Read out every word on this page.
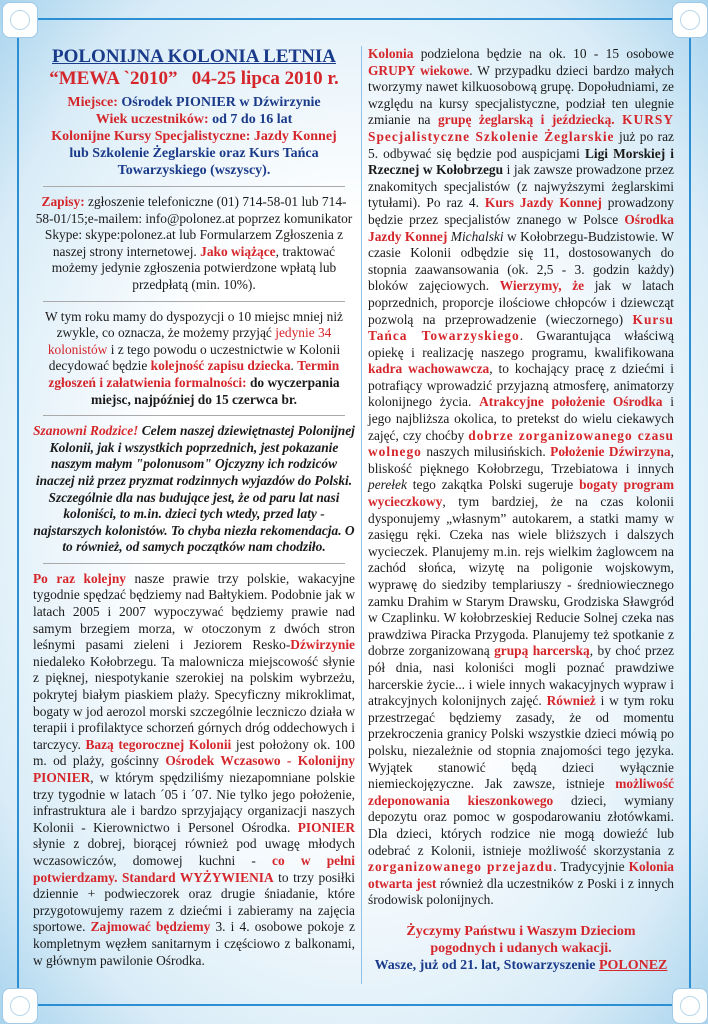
POLONIJNA KOLONIA LETNIA
“MEWA `2010” 04-25 lipca 2010 r.
Miejsce: Ośrodek PIONIER w Dźwirzynie
Wiek uczestników: od 7 do 16 lat
Kolonijne Kursy Specjalistyczne: Jazdy Konnej
lub Szkolenie Żeglarskie oraz Kurs Tańca
Towarzyskiego (wszyscy).

Zapisy: zgłoszenie telefoniczne (01) 714-58-01 lub 714-58-01/15;e-mailem: info@polonez.at poprzez komunikator Skype: skype:polonez.at lub Formularzem Zgłoszenia z naszej strony internetowej. Jako wiążące, traktować możemy jedynie zgłoszenia potwierdzone wpłatą lub przedpłatą (min. 10%).

W tym roku mamy do dyspozycji o 10 miejsc mniej niż zwykle, co oznacza, że możemy przyjąć jedynie 34 kolonistów i z tego powodu o uczestnictwie w Kolonii decydować będzie kolejność zapisu dziecka. Termin zgłoszeń i załatwienia formalności: do wyczerpania miejsc, najpóźniej do 15 czerwca br.

Szanowni Rodzice! Celem naszej dziewiętnastej Polonijnej Kolonii, jak i wszystkich poprzednich, jest pokazanie naszym małym "polonusom" Ojczyzny ich rodziców inaczej niż przez pryzmat rodzinnych wyjazdów do Polski. Szczególnie dla nas budujące jest, że od paru lat nasi koloniści, to m.in. dzieci tych wtedy, przed laty - najstarszych kolonistów. To chyba niezła rekomendacja. O to również, od samych początków nam chodziło.

Po raz kolejny nasze prawie trzy polskie, wakacyjne tygodnie spędzać będziemy nad Bałtykiem. Podobnie jak w latach 2005 i 2007 wypoczywać będziemy prawie nad samym brzegiem morza, w otoczonym z dwóch stron leśnymi pasami zieleni i Jeziorem Resko-Dźwirzynie niedaleko Kołobrzegu. Ta malownicza miejscowość słynie z pięknej, niespotykanie szerokiej na polskim wybrzeżu, pokrytej białym piaskiem plaży. Specyficzny mikroklimat, bogaty w jod aerozol morski szczególnie leczniczo działa w terapii i profilaktyce schorzeń górnych dróg oddechowych i tarczycy. Bazą tegorocznej Kolonii jest położony ok. 100 m. od plaży, gościnny Ośrodek Wczasowo - Kolonijny PIONIER, w którym spędziliśmy niezapomniane polskie trzy tygodnie w latach ´05 i ´07. Nie tylko jego położenie, infrastruktura ale i bardzo sprzyjający organizacji naszych Kolonii - Kierownictwo i Personel Ośrodka. PIONIER słynie z dobrej, biorącej również pod uwagę młodych wczasowiczów, domowej kuchni - co w pełni potwierdzamy. Standard WYŻYWIENIA to trzy posiłki dziennie + podwieczorek oraz drugie śniadanie, które przygotowujemy razem z dziećmi i zabieramy na zajęcia sportowe. Zajmować będziemy 3. i 4. osobowe pokoje z kompletnym węzłem sanitarnym i częściowo z balkonami, w głównym pawilonie Ośrodka.

Kolonia podzielona będzie na ok. 10 - 15 osobowe GRUPY wiekowe. W przypadku dzieci bardzo małych tworzymy nawet kilkuosobową grupę. Dopołudniami, ze względu na kursy specjalistyczne, podział ten ulegnie zmianie na grupę żeglarską i jeździecką. KURSY Specjalistyczne Szkolenie Żeglarskie już po raz 5. odbywać się będzie pod auspicjami Ligi Morskiej i Rzecznej w Kołobrzegu i jak zawsze prowadzone przez znakomitych specjalistów (z najwyższymi żeglarskimi tytułami). Po raz 4. Kurs Jazdy Konnej prowadzony będzie przez specjalistów znanego w Polsce Ośrodka Jazdy Konnej Michalski w Kołobrzegu-Budzistowie. W czasie Kolonii odbędzie się 11, dostosowanych do stopnia zaawansowania (ok. 2,5 - 3. godzin każdy) bloków zajęciowych. Wierzymy, że jak w latach poprzednich, proporcje ilościowe chłopców i dziewcząt pozwolą na przeprowadzenie (wieczornego) Kursu Tańca Towarzyskiego. Gwarantująca właściwą opiekę i realizację naszego programu, kwalifikowana kadra wachowawcza, to kochający pracę z dziećmi i potrafiący wprowadzić przyjazną atmosferę, animatorzy kolonijnego życia. Atrakcyjne położenie Ośrodka i jego najbliższa okolica, to pretekst do wielu ciekawych zajęć, czy choćby dobrze zorganizowanego czasu wolnego naszych milusińskich. Położenie Dźwirzyna, bliskość pięknego Kołobrzegu, Trzebiatowa i innych perełek tego zakątka Polski sugeruje bogaty program wycieczkowy, tym bardziej, że na czas kolonii dysponujemy „własnym” autokarem, a statki mamy w zasięgu ręki. Czeka nas wiele bliższych i dalszych wycieczek. Planujemy m.in. rejs wielkim żaglowcem na zachód słońca, wizytę na poligonie wojskowym, wyprawę do siedziby templariuszy - średniowiecznego zamku Drahim w Starym Drawsku, Grodziska Sławgród w Czaplinku. W kołobrzeskiej Reducie Solnej czeka nas prawdziwa Piracka Przygoda. Planujemy też spotkanie z dobrze zorganizowaną grupą harcerską, by choć przez pół dnia, nasi koloniści mogli poznać prawdziwe harcerskie życie... i wiele innych wakacyjnych wypraw i atrakcyjnych kolonijnych zajęć. Również i w tym roku przestrzegać będziemy zasady, że od momentu przekroczenia granicy Polski wszystkie dzieci mówią po polsku, niezależnie od stopnia znajomości tego języka. Wyjątek stanowić będą dzieci wyłącznie niemieckojęzyczne. Jak zawsze, istnieje możliwość zdeponowania kieszonkowego dzieci, wymiany depozytu oraz pomoc w gospodarowaniu złotówkami. Dla dzieci, których rodzice nie mogą dowieźć lub odebrać z Kolonii, istnieje możliwość skorzystania z zorganizowanego przejazdu. Tradycyjnie Kolonia otwarta jest również dla uczestników z Poski i z innych środowisk polonijnych.

Życzymy Państwu i Waszym Dzieciom
pogodnych i udanych wakacji.
Wasze, już od 21. lat, Stowarzyszenie POLONEZ
